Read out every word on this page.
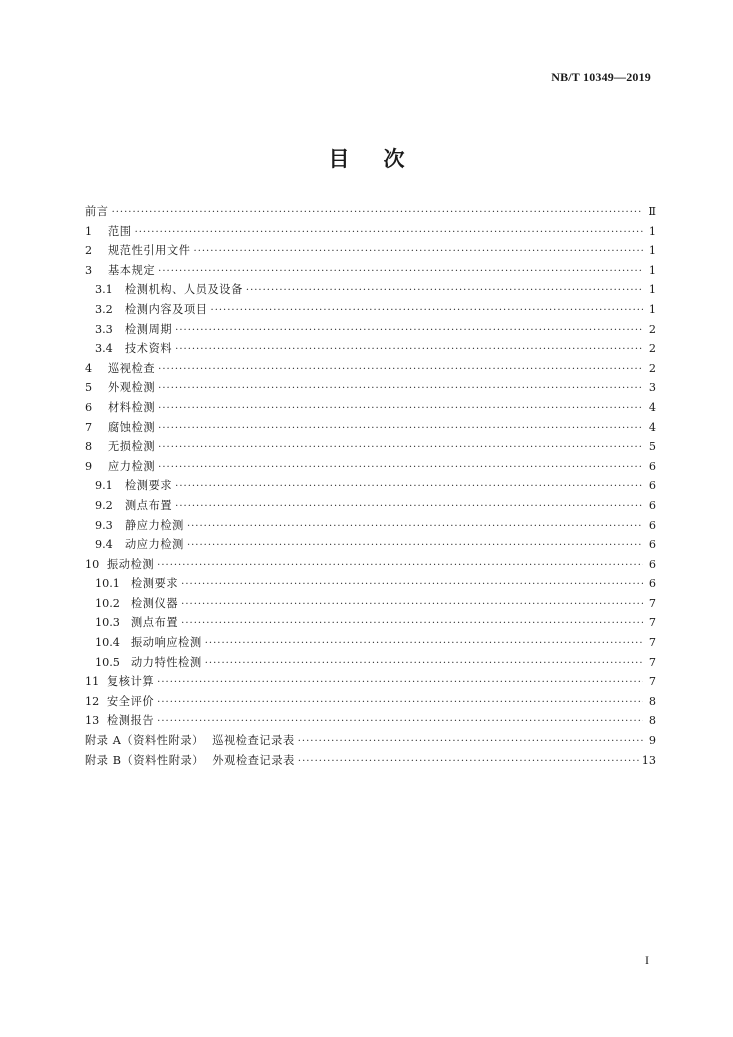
NB/T 10349—2019
目 次
前言 ·····	Ⅱ
1	范围 ·····	1
2	规范性引用文件 ·····	1
3	基本规定 ·····	1
3.1	检测机构、人员及设备 ·····	1
3.2	检测内容及项目 ·····	1
3.3	检测周期 ·····	2
3.4	技术资料 ·····	2
4	巡视检查 ·····	2
5	外观检测 ·····	3
6	材料检测 ·····	4
7	腐蚀检测 ·····	4
8	无损检测 ·····	5
9	应力检测 ·····	6
9.1	检测要求 ·····	6
9.2	测点布置 ·····	6
9.3	静应力检测 ·····	6
9.4	动应力检测 ·····	6
10 振动检测 ·····	6
10.1 检测要求 ·····	6
10.2 检测仪器 ·····	7
10.3 测点布置 ·····	7
10.4 振动响应检测 ·····	7
10.5 动力特性检测 ·····	7
11 复核计算 ·····	7
12 安全评价 ·····	8
13 检测报告 ·····	8
附录 A（资料性附录）  巡视检查记录表 ·····	9
附录 B（资料性附录）  外观检查记录表 ·····	13
I
